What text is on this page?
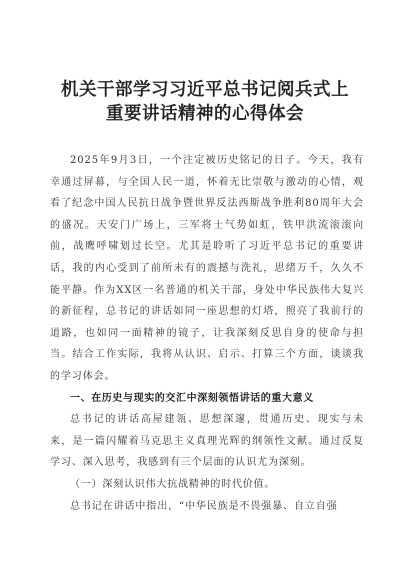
机关干部学习习近平总书记阅兵式上
重要讲话精神的心得体会

2025年9月3日，一个注定被历史铭记的日子。今天，我有幸通过屏幕，与全国人民一道，怀着无比崇敬与激动的心情，观看了纪念中国人民抗日战争暨世界反法西斯战争胜利80周年大会的盛况。天安门广场上，三军将士气势如虹，铁甲洪流滚滚向前，战鹰呼啸划过长空。尤其是聆听了习近平总书记的重要讲话，我的内心受到了前所未有的震撼与洗礼，思绪万千，久久不能平静。作为XX区一名普通的机关干部，身处中华民族伟大复兴的新征程，总书记的讲话如同一座思想的灯塔，照亮了我前行的道路，也如同一面精神的镜子，让我深刻反思自身的使命与担当。结合工作实际，我将从认识、启示、打算三个方面，谈谈我的学习体会。

一、在历史与现实的交汇中深刻领悟讲话的重大意义

总书记的讲话高屋建瓴、思想深邃，贯通历史、现实与未来，是一篇闪耀着马克思主义真理光辉的纲领性文献。通过反复学习、深入思考，我感到有三个层面的认识尤为深刻。

（一）深刻认识伟大抗战精神的时代价值。

总书记在讲话中指出，“中华民族是不畏强暴、自立自强
